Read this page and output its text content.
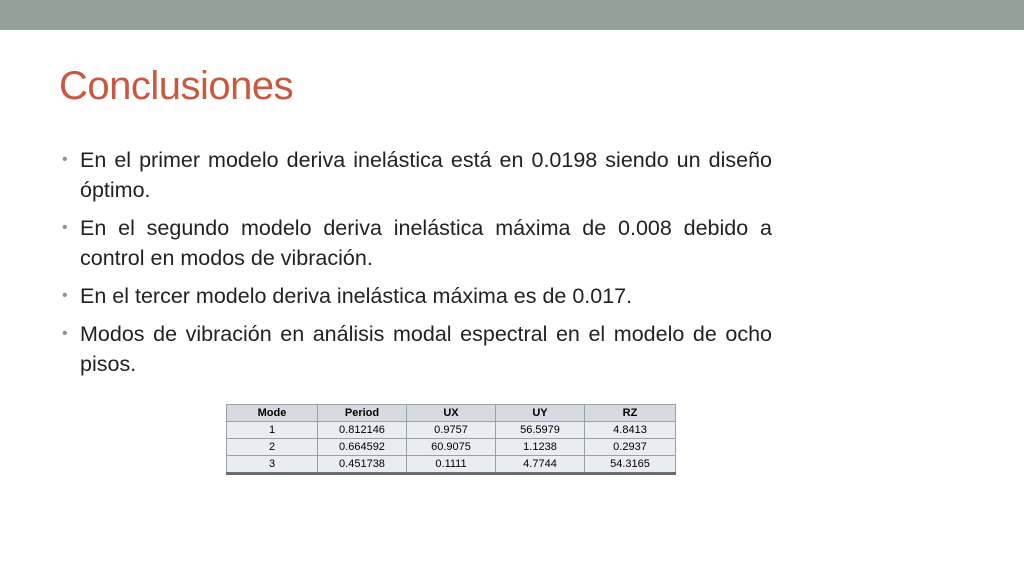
Conclusiones
• En el primer modelo deriva inelástica está en 0.0198 siendo un diseño óptimo.
• En el segundo modelo deriva inelástica máxima de 0.008 debido a control en modos de vibración.
• En el tercer modelo deriva inelástica máxima es de 0.017.
• Modos de vibración en análisis modal espectral en el modelo de ocho pisos.
Mode	Period	UX	UY	RZ
1	0.812146	0.9757	56.5979	4.8413
2	0.664592	60.9075	1.1238	0.2937
3	0.451738	0.1111	4.7744	54.3165
